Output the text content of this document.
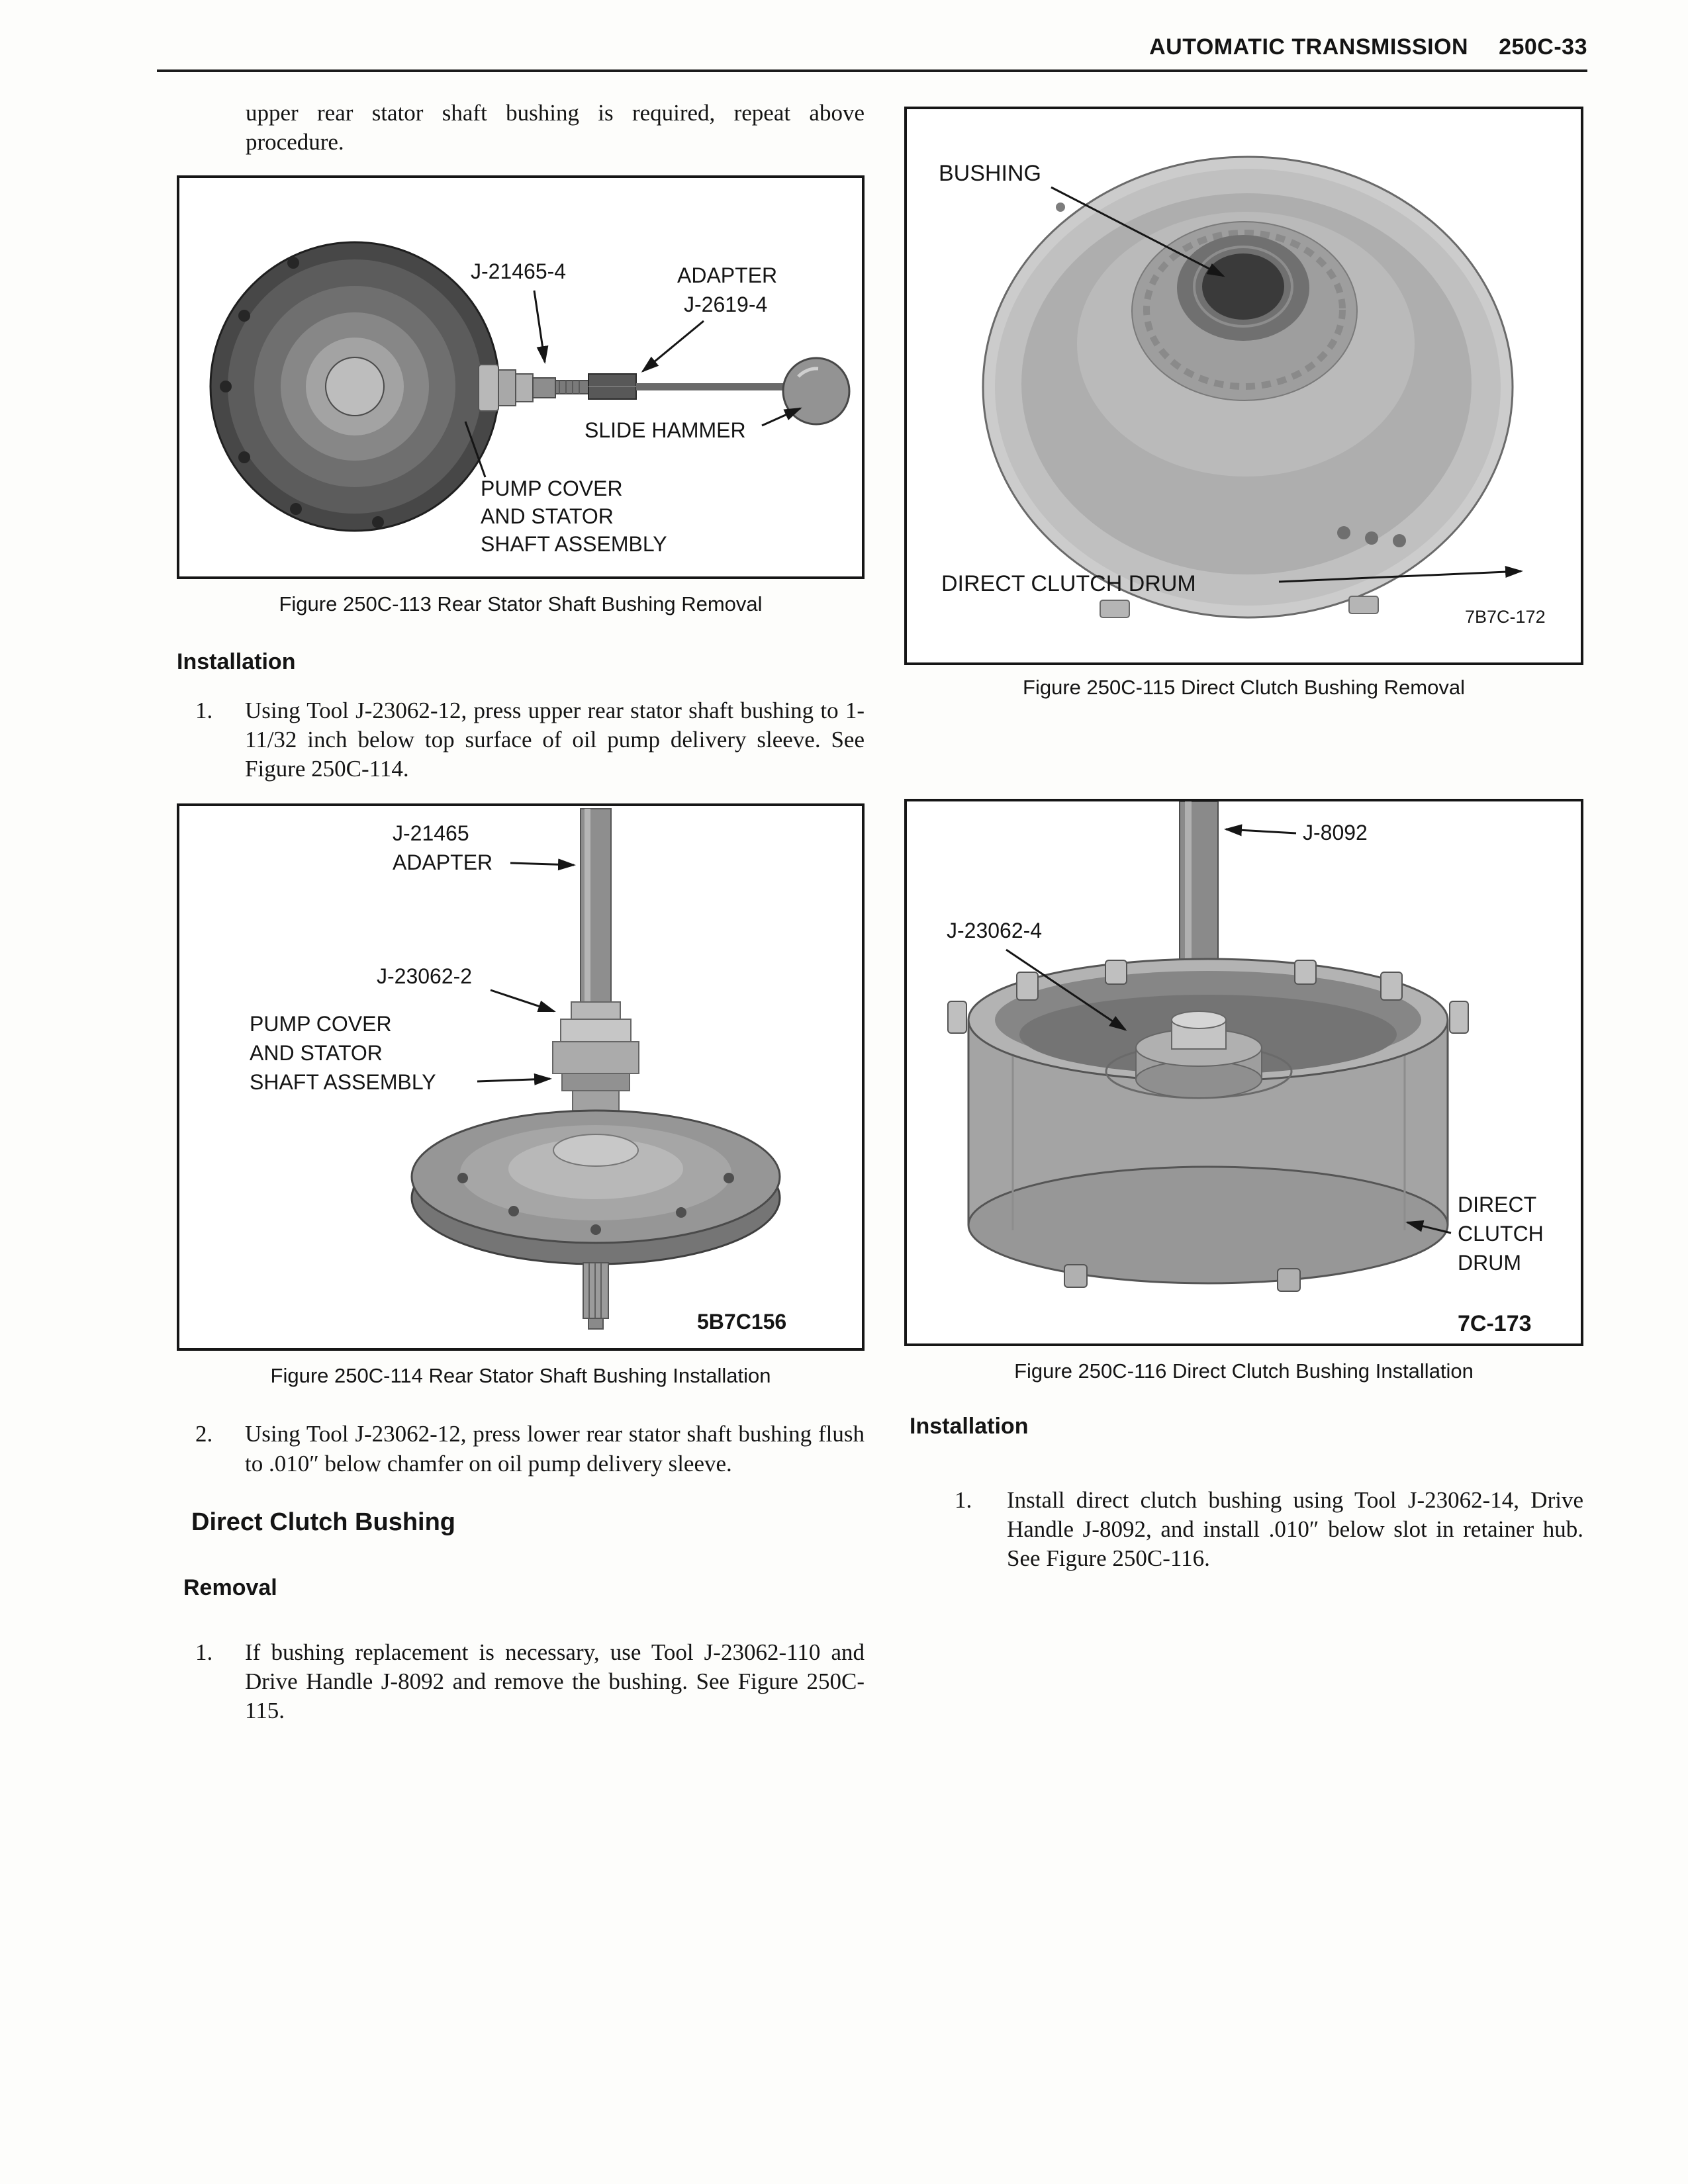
AUTOMATIC TRANSMISSION 250C-33

upper rear stator shaft bushing is required, repeat above procedure.

J-21465-4	ADAPTER
J-2619-4
SLIDE HAMMER
PUMP COVER
AND STATOR
SHAFT ASSEMBLY
Figure 250C-113 Rear Stator Shaft Bushing Removal
Installation
1.	Using Tool J-23062-12, press upper rear stator shaft bushing to 1-11/32 inch below top surface of oil pump delivery sleeve. See Figure 250C-114.
J-21465
ADAPTER
J-23062-2
PUMP COVER
AND STATOR
SHAFT ASSEMBLY
5B7C156
Figure 250C-114 Rear Stator Shaft Bushing Installation
2.	Using Tool J-23062-12, press lower rear stator shaft bushing flush to .010″ below chamfer on oil pump delivery sleeve.
Direct Clutch Bushing
Removal
1.	If bushing replacement is necessary, use Tool J-23062-110 and Drive Handle J-8092 and remove the bushing. See Figure 250C-115.
BUSHING
DIRECT CLUTCH DRUM
7B7C-172
Figure 250C-115 Direct Clutch Bushing Removal
J-8092
J-23062-4
DIRECT
CLUTCH
DRUM
7C-173
Figure 250C-116 Direct Clutch Bushing Installation
Installation
1.	Install direct clutch bushing using Tool J-23062-14, Drive Handle J-8092, and install .010″ below slot in retainer hub. See Figure 250C-116.
